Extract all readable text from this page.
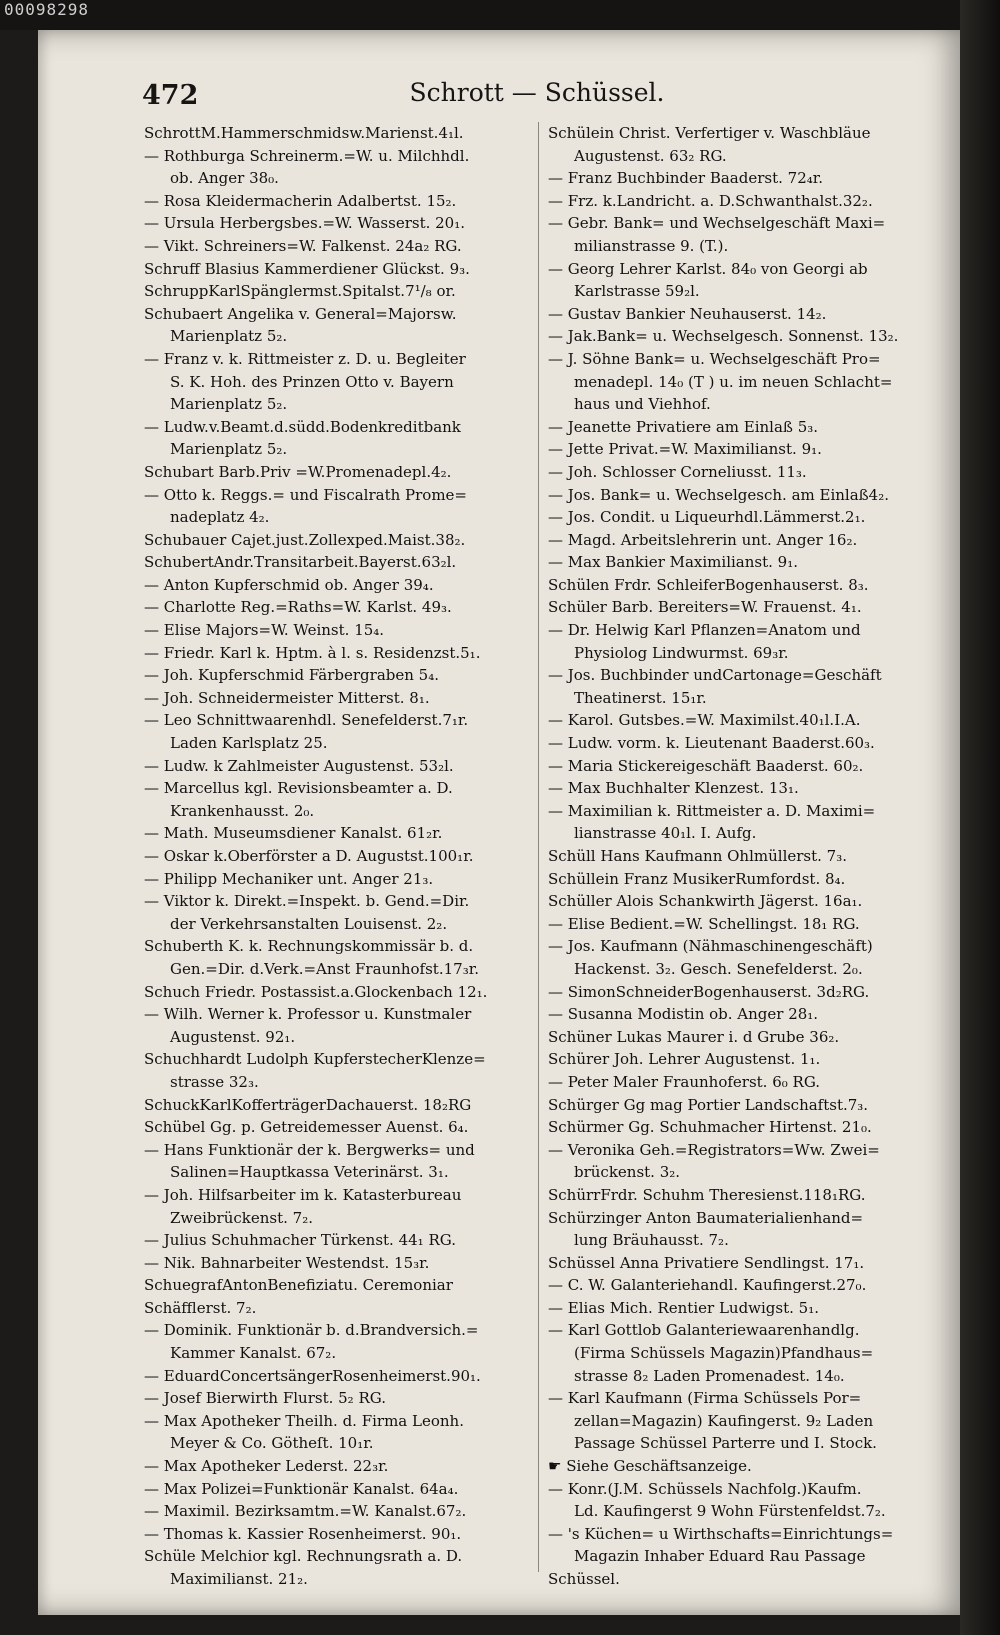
00098298
472	Schrott — Schüssel.
SchrottM.Hammerschmidsw.Marienst.4₁l.
— Rothburga Schreinerm.=W. u. Milchhdl.
ob. Anger 38₀.
— Rosa Kleidermacherin Adalbertst. 15₂.
— Ursula Herbergsbes.=W. Wasserst. 20₁.
— Vikt. Schreiners=W. Falkenst. 24a₂ RG.
Schruff Blasius Kammerdiener Glückst. 9₃.
SchruppKarlSpänglermst.Spitalst.7¹/₈ or.
Schubaert Angelika v. General=Majorsw.
Marienplatz 5₂.
— Franz v. k. Rittmeister z. D. u. Begleiter
S. K. Hoh. des Prinzen Otto v. Bayern
Marienplatz 5₂.
— Ludw.v.Beamt.d.südd.Bodenkreditbank
Marienplatz 5₂.
Schubart Barb.Priv =W.Promenadepl.4₂.
— Otto k. Reggs.= und Fiscalrath Prome=
nadeplatz 4₂.
Schubauer Cajet.just.Zollexped.Maist.38₂.
SchubertAndr.Transitarbeit.Bayerst.63₂l.
— Anton Kupferschmid ob. Anger 39₄.
— Charlotte Reg.=Raths=W. Karlst. 49₃.
— Elise Majors=W. Weinst. 15₄.
— Friedr. Karl k. Hptm. à l. s. Residenzst.5₁.
— Joh. Kupferschmid Färbergraben 5₄.
— Joh. Schneidermeister Mitterst. 8₁.
— Leo Schnittwaarenhdl. Senefelderst.7₁r.
Laden Karlsplatz 25.
— Ludw. k Zahlmeister Augustenst. 53₂l.
— Marcellus kgl. Revisionsbeamter a. D.
Krankenhausst. 2₀.
— Math. Museumsdiener Kanalst. 61₂r.
— Oskar k.Oberförster a D. Augustst.100₁r.
— Philipp Mechaniker unt. Anger 21₃.
— Viktor k. Direkt.=Inspekt. b. Gend.=Dir.
der Verkehrsanstalten Louisenst. 2₂.
Schuberth K. k. Rechnungskommissär b. d.
Gen.=Dir. d.Verk.=Anst Fraunhofst.17₃r.
Schuch Friedr. Postassist.a.Glockenbach 12₁.
— Wilh. Werner k. Professor u. Kunstmaler
Augustenst. 92₁.
Schuchhardt Ludolph KupferstecherKlenze=
strasse 32₃.
SchuckKarlKofferträgerDachauerst. 18₂RG
Schübel Gg. p. Getreidemesser Auenst. 6₄.
— Hans Funktionär der k. Bergwerks= und
Salinen=Hauptkassa Veterinärst. 3₁.
— Joh. Hilfsarbeiter im k. Katasterbureau
Zweibrückenst. 7₂.
— Julius Schuhmacher Türkenst. 44₁ RG.
— Nik. Bahnarbeiter Westendst. 15₃r.
SchuegrafAntonBenefiziatu. Ceremoniar
Schäfflerst. 7₂.
— Dominik. Funktionär b. d.Brandversich.=
Kammer Kanalst. 67₂.
— EduardConcertsängerRosenheimerst.90₁.
— Josef Bierwirth Flurst. 5₂ RG.
— Max Apotheker Theilh. d. Firma Leonh.
Meyer & Co. Götheſt. 10₁r.
— Max Apotheker Lederst. 22₃r.
— Max Polizei=Funktionär Kanalst. 64a₄.
— Maximil. Bezirksamtm.=W. Kanalst.67₂.
— Thomas k. Kassier Rosenheimerst. 90₁.
Schüle Melchior kgl. Rechnungsrath a. D.
Maximilianst. 21₂.
Schülein Christ. Verfertiger v. Waschbläue
Augustenst. 63₂ RG.
— Franz Buchbinder Baaderst. 72₄r.
— Frz. k.Landricht. a. D.Schwanthalst.32₂.
— Gebr. Bank= und Wechselgeschäft Maxi=
milianstrasse 9. (T.).
— Georg Lehrer Karlst. 84₀ von Georgi ab
Karlstrasse 59₂l.
— Gustav Bankier Neuhauserst. 14₂.
— Jak.Bank= u. Wechselgesch. Sonnenst. 13₂.
— J. Söhne Bank= u. Wechselgeschäft Pro=
menadepl. 14₀ (T ) u. im neuen Schlacht=
haus und Viehhof.
— Jeanette Privatiere am Einlaß 5₃.
— Jette Privat.=W. Maximilianst. 9₁.
— Joh. Schlosser Corneliusst. 11₃.
— Jos. Bank= u. Wechselgesch. am Einlaß4₂.
— Jos. Condit. u Liqueurhdl.Lämmerst.2₁.
— Magd. Arbeitslehrerin unt. Anger 16₂.
— Max Bankier Maximilianst. 9₁.
Schülen Frdr. SchleiferBogenhauserst. 8₃.
Schüler Barb. Bereiters=W. Frauenst. 4₁.
— Dr. Helwig Karl Pflanzen=Anatom und
Physiolog Lindwurmst. 69₃r.
— Jos. Buchbinder undCartonage=Geschäft
Theatinerst. 15₁r.
— Karol. Gutsbes.=W. Maximilst.40₁l.I.A.
— Ludw. vorm. k. Lieutenant Baaderst.60₃.
— Maria Stickereigeschäft Baaderst. 60₂.
— Max Buchhalter Klenzest. 13₁.
— Maximilian k. Rittmeister a. D. Maximi=
lianstrasse 40₁l. I. Aufg.
Schüll Hans Kaufmann Ohlmüllerst. 7₃.
Schüllein Franz MusikerRumfordst. 8₄.
Schüller Alois Schankwirth Jägerst. 16a₁.
— Elise Bedient.=W. Schellingst. 18₁ RG.
— Jos. Kaufmann (Nähmaschinengeschäft)
Hackenst. 3₂. Gesch. Senefelderst. 2₀.
— SimonSchneiderBogenhauserst. 3d₂RG.
— Susanna Modistin ob. Anger 28₁.
Schüner Lukas Maurer i. d Grube 36₂.
Schürer Joh. Lehrer Augustenst. 1₁.
— Peter Maler Fraunhoferst. 6₀ RG.
Schürger Gg mag Portier Landschaftst.7₃.
Schürmer Gg. Schuhmacher Hirtenst. 21₀.
— Veronika Geh.=Registrators=Ww. Zwei=
brückenst. 3₂.
SchürrFrdr. Schuhm Theresienst.118₁RG.
Schürzinger Anton Baumaterialienhand=
lung Bräuhausst. 7₂.
Schüssel Anna Privatiere Sendlingst. 17₁.
— C. W. Galanteriehandl. Kaufingerst.27₀.
— Elias Mich. Rentier Ludwigst. 5₁.
— Karl Gottlob Galanteriewaarenhandlg.
(Firma Schüssels Magazin)Pfandhaus=
strasse 8₂ Laden Promenadest. 14₀.
— Karl Kaufmann (Firma Schüssels Por=
zellan=Magazin) Kaufingerst. 9₂ Laden
Passage Schüssel Parterre und I. Stock.
☛ Siehe Geschäftsanzeige.
— Konr.(J.M. Schüssels Nachfolg.)Kaufm.
Ld. Kaufingerst 9 Wohn Fürstenfeldst.7₂.
— 's Küchen= u Wirthschafts=Einrichtungs=
Magazin Inhaber Eduard Rau Passage
Schüssel.
